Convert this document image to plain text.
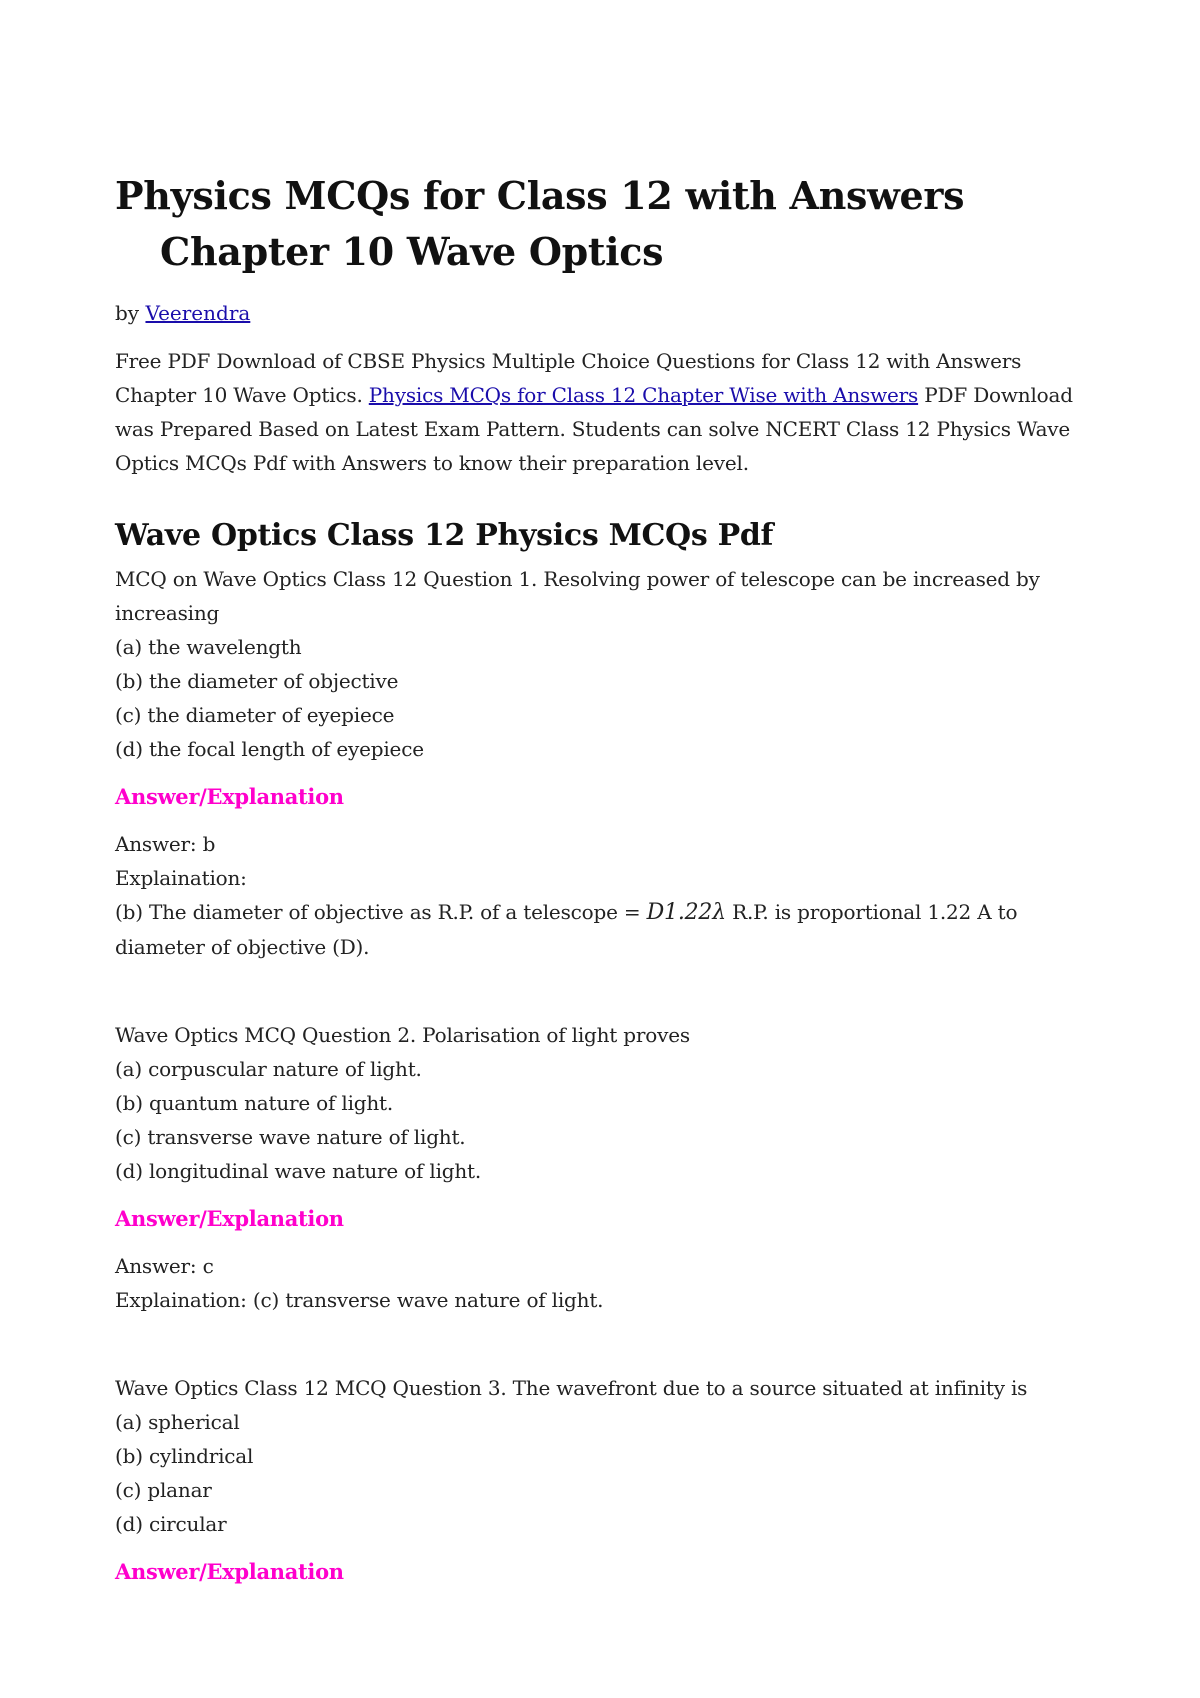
Physics MCQs for Class 12 with Answers
Chapter 10 Wave Optics
by Veerendra
Free PDF Download of CBSE Physics Multiple Choice Questions for Class 12 with Answers Chapter 10 Wave Optics. Physics MCQs for Class 12 Chapter Wise with Answers PDF Download was Prepared Based on Latest Exam Pattern. Students can solve NCERT Class 12 Physics Wave Optics MCQs Pdf with Answers to know their preparation level.
Wave Optics Class 12 Physics MCQs Pdf
MCQ on Wave Optics Class 12 Question 1. Resolving power of telescope can be increased by increasing
(a) the wavelength
(b) the diameter of objective
(c) the diameter of eyepiece
(d) the focal length of eyepiece
Answer/Explanation
Answer: b
Explaination:
(b) The diameter of objective as R.P. of a telescope = D1.22λ R.P. is proportional 1.22 A to diameter of objective (D).
Wave Optics MCQ Question 2. Polarisation of light proves
(a) corpuscular nature of light.
(b) quantum nature of light.
(c) transverse wave nature of light.
(d) longitudinal wave nature of light.
Answer/Explanation
Answer: c
Explaination: (c) transverse wave nature of light.
Wave Optics Class 12 MCQ Question 3. The wavefront due to a source situated at infinity is
(a) spherical
(b) cylindrical
(c) planar
(d) circular
Answer/Explanation
